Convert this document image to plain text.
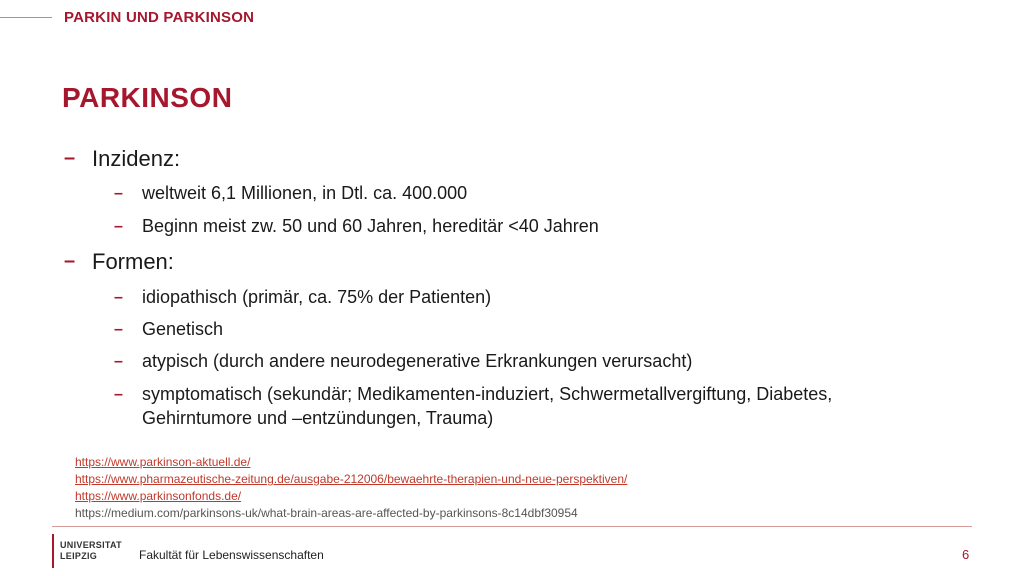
PARKIN UND PARKINSON
PARKINSON
– Inzidenz:
–	weltweit 6,1 Millionen, in Dtl. ca. 400.000
–	Beginn meist zw. 50 und 60 Jahren, hereditär <40 Jahren
– Formen:
–	idiopathisch (primär, ca. 75% der Patienten)
–	Genetisch
–	atypisch (durch andere neurodegenerative Erkrankungen verursacht)
–	symptomatisch (sekundär; Medikamenten-induziert, Schwermetallvergiftung, Diabetes, Gehirntumore und –entzündungen, Trauma)
https://www.parkinson-aktuell.de/
https://www.pharmazeutische-zeitung.de/ausgabe-212006/bewaehrte-therapien-und-neue-perspektiven/
https://www.parkinsonfonds.de/
https://medium.com/parkinsons-uk/what-brain-areas-are-affected-by-parkinsons-8c14dbf30954
UNIVERSITAT
LEIPZIG	Fakultät für Lebenswissenschaften	6
